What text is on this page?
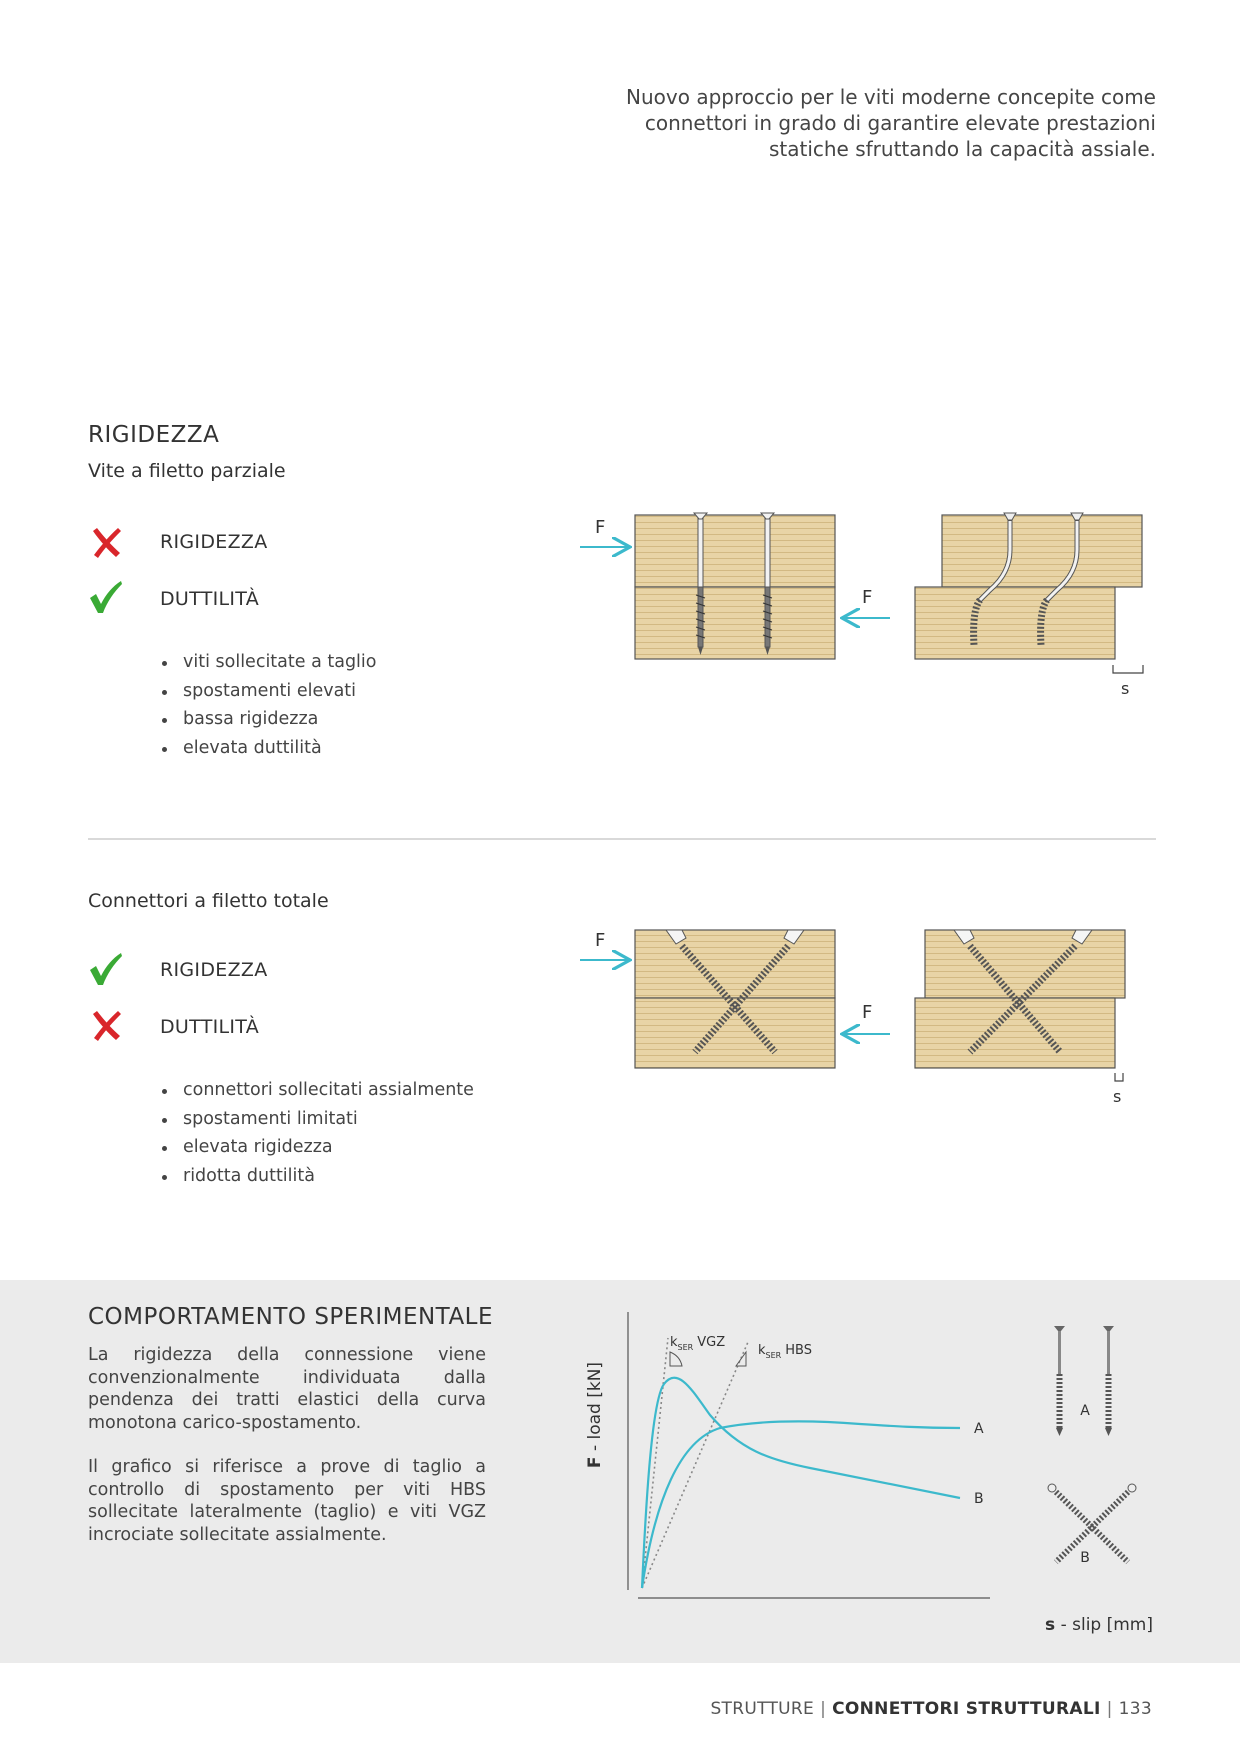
Nuovo approccio per le viti moderne concepite come connettori in grado di garantire elevate prestazioni statiche sfruttando la capacità assiale.
RIGIDEZZA
Vite a filetto parziale
RIGIDEZZA
DUTTILITÀ
viti sollecitate a taglio
spostamenti elevati
bassa rigidezza
elevata duttilità
F
F
s
Connettori a filetto totale
RIGIDEZZA
DUTTILITÀ
connettori sollecitati assialmente
spostamenti limitati
elevata rigidezza
ridotta duttilità
F
F
s
COMPORTAMENTO SPERIMENTALE

La rigidezza della connessione viene convenzionalmente individuata dalla pendenza dei tratti elastici della curva monotona carico-spostamento.

Il grafico si riferisce a prove di taglio a controllo di spostamento per viti HBS sollecitate lateralmente (taglio) e viti VGZ incrociate sollecitate assialmente.

F - load [kN]
s - slip [mm]
$k_{SER}$ VGZ
$k_{SER}$ HBS
A
B
A
B
STRUTTURE | CONNETTORI STRUTTURALI | 133
